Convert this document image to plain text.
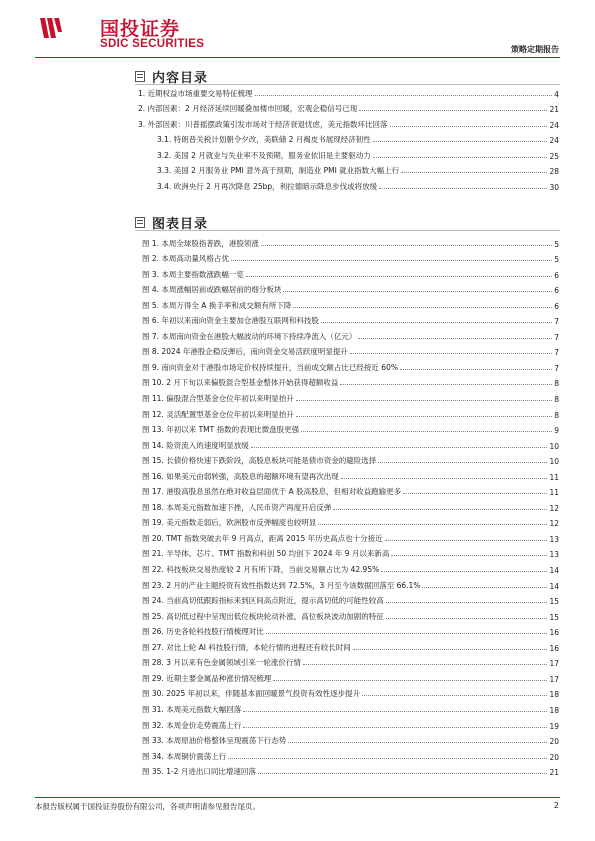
国投证券
SDIC SECURITIES	策略定期报告
内容目录
1. 近期权益市场重要交易特征梳理	4
2. 内部因素：2 月经济延续回暖叠加楼市回暖，宏观企稳信号已现	21
3. 外部因素：川普摇摆政策引发市场对于经济衰退忧虑，美元指数环比回落	24
3.1. 特朗普关税计划朝令夕改，美联储 2 月褐皮书展现经济韧性	24
3.2. 美国 2 月就业与失业率不及预期，服务业依旧是主要驱动力	25
3.3. 美国 2 月服务业 PMI 意外高于预期，制造业 PMI 就业指数大幅上行	28
3.4. 欧洲央行 2 月再次降息 25bp，利拉德暗示降息步伐或将放缓	30
图表目录
图 1. 本周全球股指普跌，港股领涨	5
图 2. 本周高动量风格占优	5
图 3. 本周主要指数涨跌幅一览	6
图 4. 本周涨幅居前或跌幅居前的细分板块	6
图 5. 本周万得全 A 换手率和成交额有所下降	6
图 6. 年初以来南向资金主要加仓港股互联网和科技股	7
图 7. 本周南向资金在港股大幅波动的环境下持续净流入（亿元）	7
图 8. 2024 年港股企稳反弹后，南向资金交易活跃度明显提升	7
图 9. 南向资金对于港股市场定价权持续提升，当前成交额占比已经接近 60%	7
图 10. 2 月下旬以来偏股混合型基金整体开始获得超额收益	8
图 11. 偏股混合型基金仓位年初以来明显抬升	8
图 12. 灵活配置型基金仓位年初以来明显抬升	8
图 13. 年初以来 TMT 指数的表现比微盘股更强	9
图 14. 险资流入的速度明显放缓	10
图 15. 长债价格快速下跌阶段，高股息板块可能是债市资金的避险选择	10
图 16. 如果美元由弱转强，高股息的超额环境有望再次出现	11
图 17. 港股高股息虽然在绝对收益层面优于 A 股高股息，但相对收益跑输更多	11
图 18. 本周美元指数加速下挫，人民币资产再度开启反弹	12
图 19. 美元指数走弱后，欧洲股市反弹幅度也较明显	12
图 20. TMT 指数突破去年 9 月高点，距离 2015 年历史高点也十分接近	13
图 21. 半导体、芯片、TMT 指数和科创 50 均创下 2024 年 9 月以来新高	13
图 22. 科技板块交易热度较 2 月有所下降，当前交易额占比为 42.95%	14
图 23. 2 月的产业主题投资有效性指数达到 72.5%，3 月至今该数据回落至 66.1%	14
图 24. 当前高切低跟踪指标来到区间高点附近，提示高切低的可能性较高	15
图 25. 高切低过程中呈现出低位板块轮动补涨，高位板块波动加剧的特征	15
图 26. 历史各轮科技股行情梳理对比	16
图 27. 对比上轮 AI 科技股行情，本轮行情的进程还有较长时间	16
图 28. 3 月以来有色金属领域引来一轮涨价行情	17
图 29. 近期主要金属品种涨价情况梳理	17
图 30. 2025 年初以来，伴随基本面回暖景气投资有效性逐步提升	18
图 31. 本周美元指数大幅回落	18
图 32. 本周金价走势震荡上行	19
图 33. 本周原油价格整体呈现震荡下行态势	20
图 34. 本周铜价震荡上行	20
图 35. 1-2 月进出口同比增速回落	21
本报告版权属于国投证券股份有限公司，各项声明请参见报告尾页。	2
